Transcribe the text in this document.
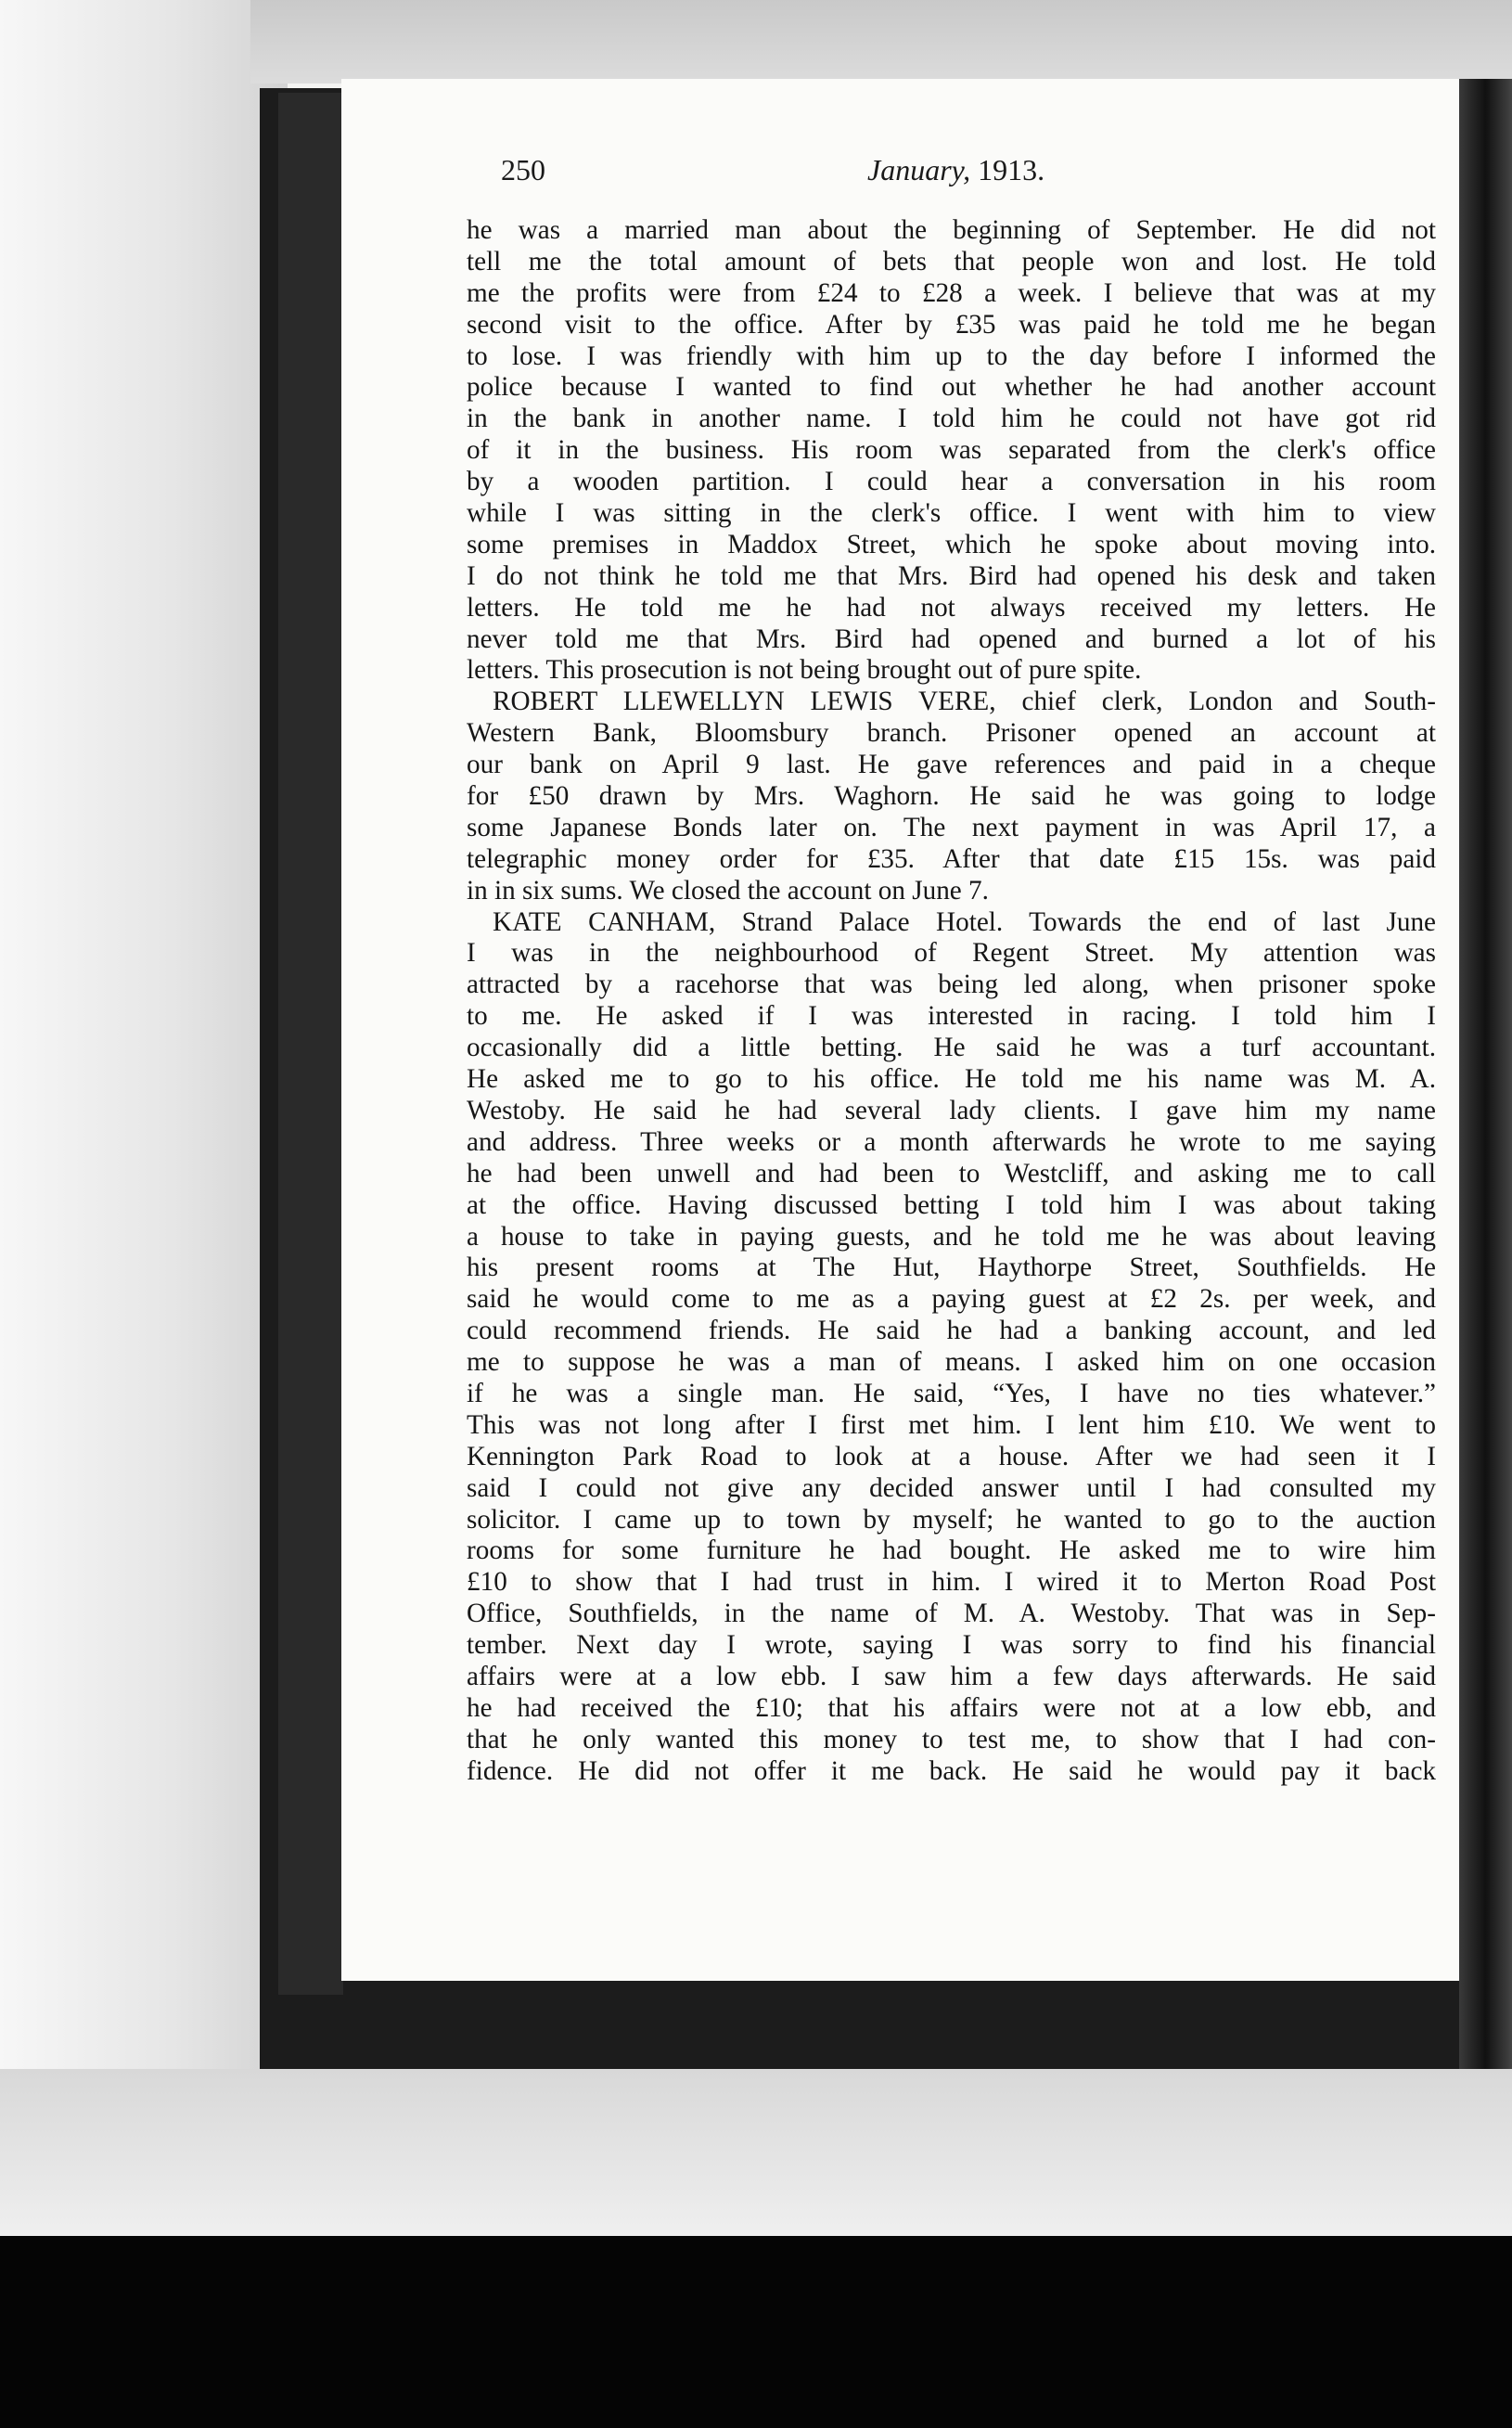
250	January, 1913.
he was a married man about the beginning of September. He did not
tell me the total amount of bets that people won and lost. He told
me the profits were from £24 to £28 a week. I believe that was at my
second visit to the office. After by £35 was paid he told me he began
to lose. I was friendly with him up to the day before I informed the
police because I wanted to find out whether he had another account
in the bank in another name. I told him he could not have got rid
of it in the business. His room was separated from the clerk's office
by a wooden partition. I could hear a conversation in his room
while I was sitting in the clerk's office. I went with him to view
some premises in Maddox Street, which he spoke about moving into.
I do not think he told me that Mrs. Bird had opened his desk and taken
letters. He told me he had not always received my letters. He
never told me that Mrs. Bird had opened and burned a lot of his
letters. This prosecution is not being brought out of pure spite.
ROBERT LLEWELLYN LEWIS VERE, chief clerk, London and South-
Western Bank, Bloomsbury branch. Prisoner opened an account at
our bank on April 9 last. He gave references and paid in a cheque
for £50 drawn by Mrs. Waghorn. He said he was going to lodge
some Japanese Bonds later on. The next payment in was April 17, a
telegraphic money order for £35. After that date £15 15s. was paid
in in six sums. We closed the account on June 7.
KATE CANHAM, Strand Palace Hotel. Towards the end of last June
I was in the neighbourhood of Regent Street. My attention was
attracted by a racehorse that was being led along, when prisoner spoke
to me. He asked if I was interested in racing. I told him I
occasionally did a little betting. He said he was a turf accountant.
He asked me to go to his office. He told me his name was M. A.
Westoby. He said he had several lady clients. I gave him my name
and address. Three weeks or a month afterwards he wrote to me saying
he had been unwell and had been to Westcliff, and asking me to call
at the office. Having discussed betting I told him I was about taking
a house to take in paying guests, and he told me he was about leaving
his present rooms at The Hut, Haythorpe Street, Southfields. He
said he would come to me as a paying guest at £2 2s. per week, and
could recommend friends. He said he had a banking account, and led
me to suppose he was a man of means. I asked him on one occasion
if he was a single man. He said, “Yes, I have no ties whatever.”
This was not long after I first met him. I lent him £10. We went to
Kennington Park Road to look at a house. After we had seen it I
said I could not give any decided answer until I had consulted my
solicitor. I came up to town by myself; he wanted to go to the auction
rooms for some furniture he had bought. He asked me to wire him
£10 to show that I had trust in him. I wired it to Merton Road Post
Office, Southfields, in the name of M. A. Westoby. That was in Sep-
tember. Next day I wrote, saying I was sorry to find his financial
affairs were at a low ebb. I saw him a few days afterwards. He said
he had received the £10; that his affairs were not at a low ebb, and
that he only wanted this money to test me, to show that I had con-
fidence. He did not offer it me back. He said he would pay it back
